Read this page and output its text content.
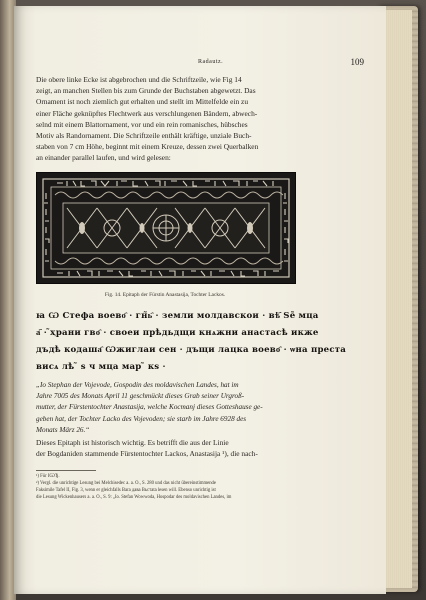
Radautz.	109
Die obere linke Ecke ist abgebrochen und die Schriftzeile, wie Fig 14
zeigt, an manchen Stellen bis zum Grunde der Buchstaben abgewetzt. Das
Ornament ist noch ziemlich gut erhalten und stellt im Mittelfelde ein zu
einer Fläche geknüpftes Flechtwerk aus verschlungenen Bändern, abwech-
selnd mit einem Blattornament, vor und ein rein romanisches, hübsches
Motiv als Randornament. Die Schriftzeile enthält kräftige, unziale Buch-
staben von 7 cm Höhe, beginnt mit einem Kreuze, dessen zwei Querbalken
an einander parallel laufen, und wird gelesen:
Fig. 14. Epitaph der Fürstin Anastasija, Tochter Lackos.
ꙗ Ѡ Стефа воево҄ · гн̃ь҄ · земли молдавскои · вѣ҃ Ѕе̃ мца
а҃ · ̃ҳрани гво҄ · своеи прѣдьдщи кнѧжни анастасѣ икже
дъдѣ кодаша҄ Ѡжиглаи сен · дъщи лацка воево҄ · ѡна преста
висѧ лѣ ̃ ѕ ч мца мар ̃ кѕ ·
„Io Stephan der Vojevode, Gospodin des moldavischen Landes, hat im
Jahre 7005 des Monats April 11 geschmückt dieses Grab seiner Urgroß-
mutter, der Fürstentochter Anastasija, welche Kocmanj dieses Gotteshause ge-
geben hat, der Tochter Lacko des Vojevoden; sie starb im Jahre 6928 des
Monats März 26.“
Dieses Epitaph ist historisch wichtig. Es betrifft die aus der Linie
der Bogdaniden stammende Fürstentochter Lackos, Anastasija ¹), die nach-
¹) Für ЇѠЂ.
²) Vergl. die unrichtige Lesung bei Melchisedec a. a. O., S. 280 und das nicht übereinstimmende
Faksimile Tafel II, Fig. 3, wenn er gleichfalls Bara дава Вьстаta lesen will. Ebenso unrichtig ist
die Lesung Wickenhausers a. a. O., S. 9: „Io. Stefan Wowwoda, Hospodar des moldavischen Landes, im
